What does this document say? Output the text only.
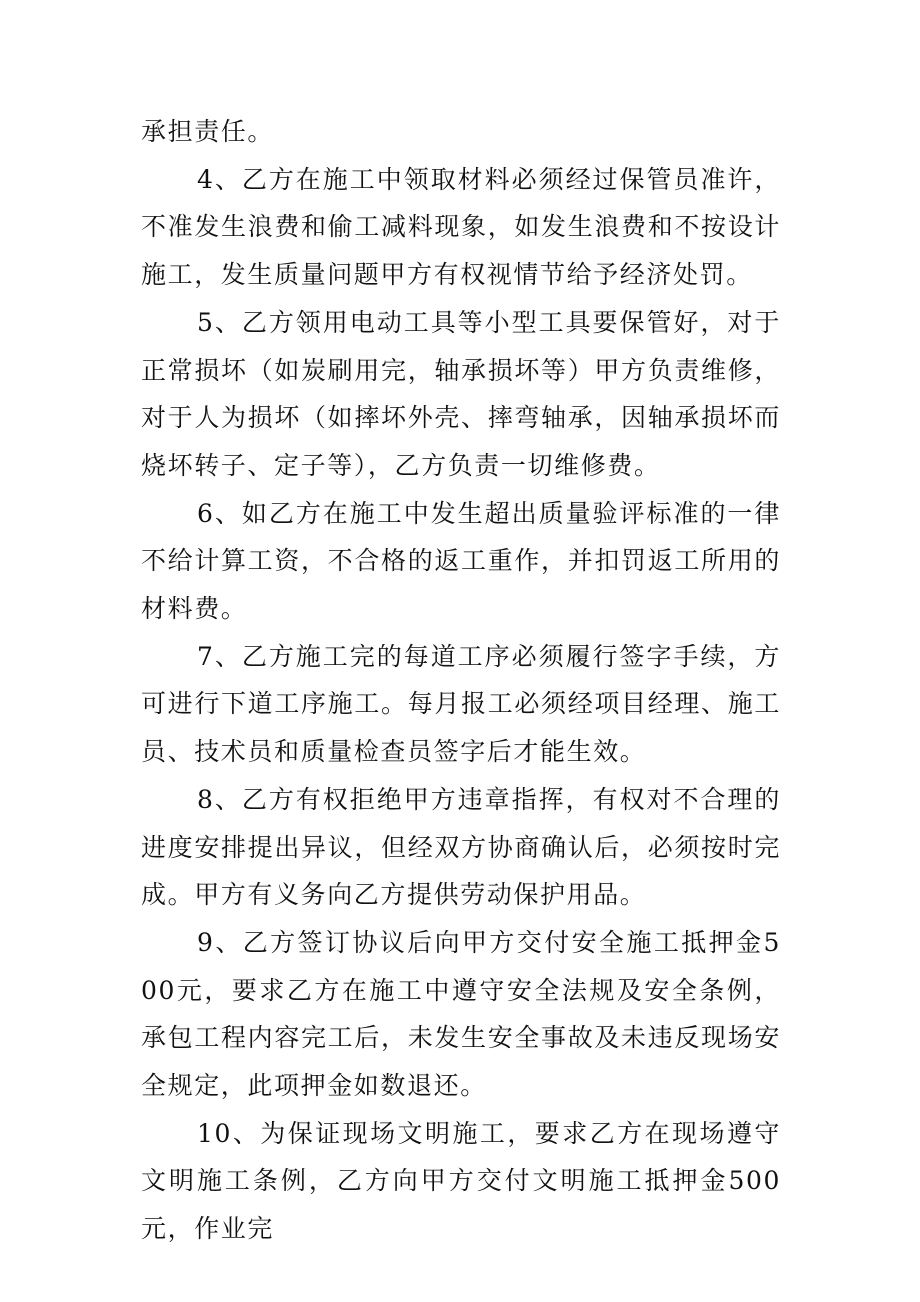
承担责任。

4、乙方在施工中领取材料必须经过保管员准许，不准发生浪费和偷工减料现象，如发生浪费和不按设计施工，发生质量问题甲方有权视情节给予经济处罚。

5、乙方领用电动工具等小型工具要保管好，对于正常损坏（如炭刷用完，轴承损坏等）甲方负责维修，对于人为损坏（如摔坏外壳、摔弯轴承，因轴承损坏而烧坏转子、定子等），乙方负责一切维修费。

6、如乙方在施工中发生超出质量验评标准的一律不给计算工资，不合格的返工重作，并扣罚返工所用的材料费。

7、乙方施工完的每道工序必须履行签字手续，方可进行下道工序施工。每月报工必须经项目经理、施工员、技术员和质量检查员签字后才能生效。

8、乙方有权拒绝甲方违章指挥，有权对不合理的进度安排提出异议，但经双方协商确认后，必须按时完成。甲方有义务向乙方提供劳动保护用品。

9、乙方签订协议后向甲方交付安全施工抵押金500元，要求乙方在施工中遵守安全法规及安全条例，承包工程内容完工后，未发生安全事故及未违反现场安全规定，此项押金如数退还。

10、为保证现场文明施工，要求乙方在现场遵守文明施工条例，乙方向甲方交付文明施工抵押金500元，作业完
